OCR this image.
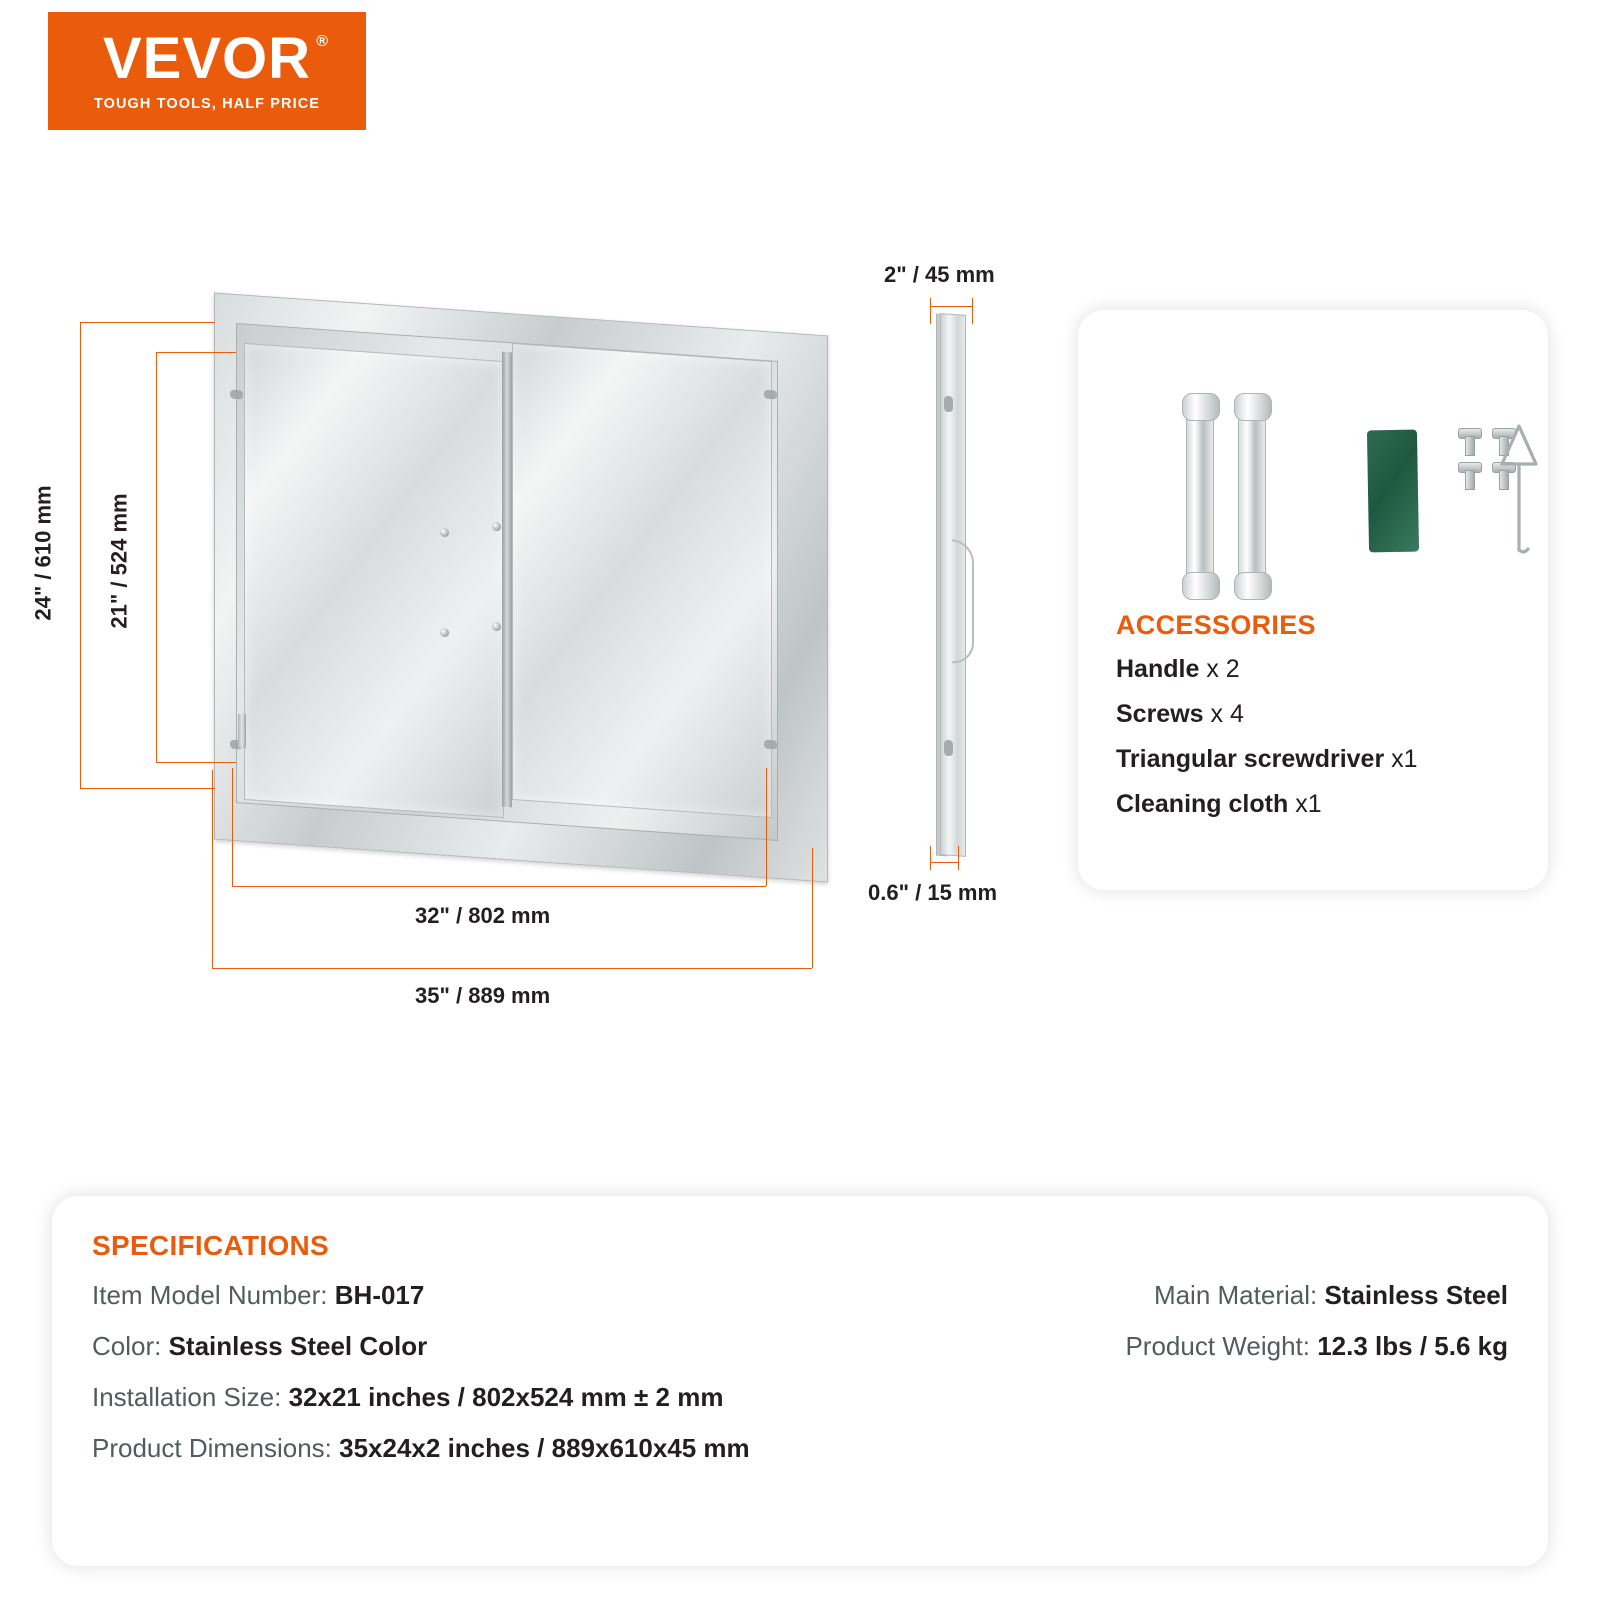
VEVOR ®
TOUGH TOOLS, HALF PRICE
24" / 610 mm 21" / 524 mm
32" / 802 mm
35" / 889 mm
2" / 45 mm
0.6" / 15 mm
ACCESSORIES
Handle x 2
Screws x 4
Triangular screwdriver x1
Cleaning cloth x1
SPECIFICATIONS
Item Model Number: BH-017
Color: Stainless Steel Color
Installation Size: 32x21 inches / 802x524 mm ± 2 mm
Product Dimensions: 35x24x2 inches / 889x610x45 mm
Main Material: Stainless Steel
Product Weight: 12.3 lbs / 5.6 kg
